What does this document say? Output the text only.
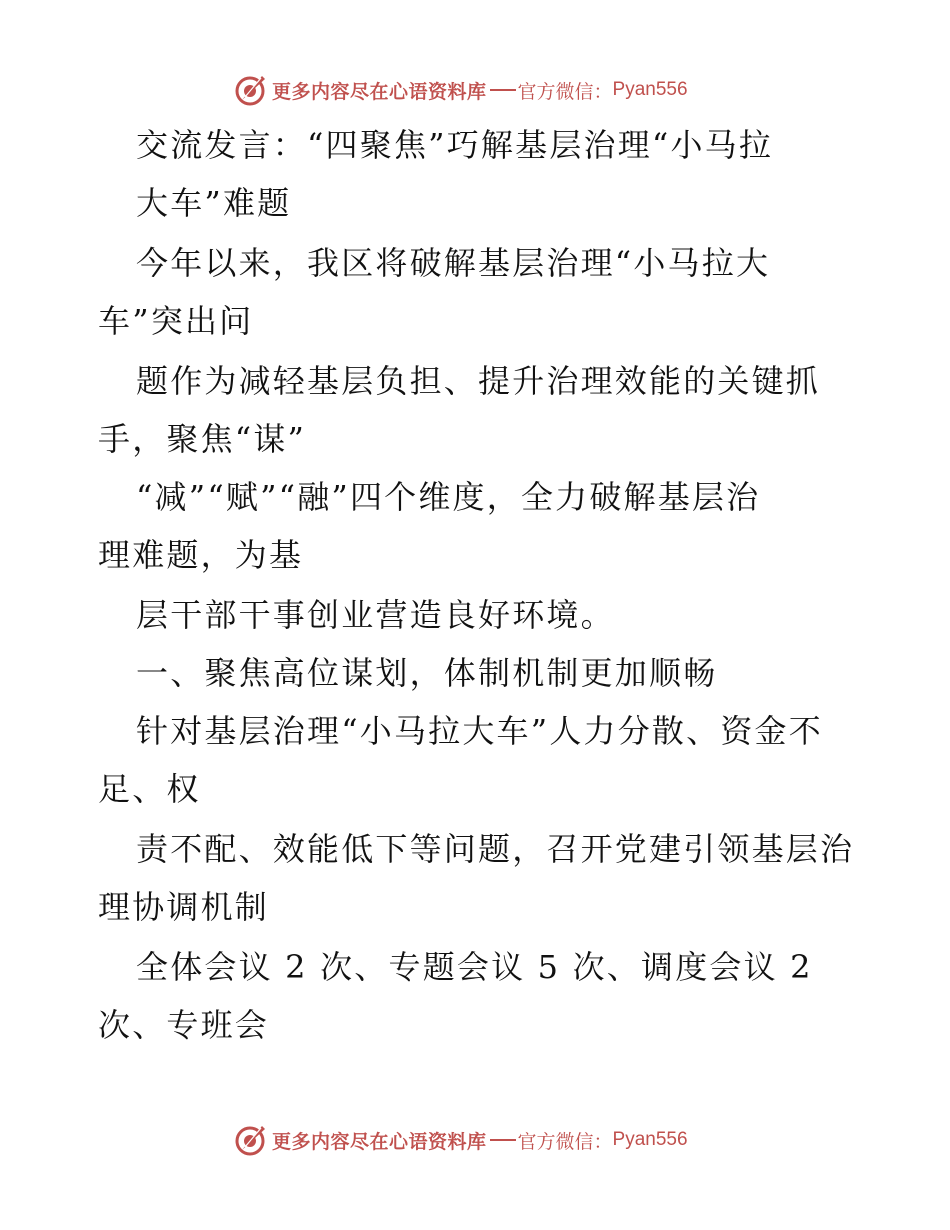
更多内容尽在心语资料库 官方微信： Pyan556
交流发言：“四聚焦”巧解基层治理“小马拉
大车”难题
今年以来，我区将破解基层治理“小马拉大
车”突出问
题作为减轻基层负担、提升治理效能的关键抓
手，聚焦“谋”
“减”“赋”“融”四个维度，全力破解基层治
理难题，为基
层干部干事创业营造良好环境。
一、聚焦高位谋划，体制机制更加顺畅
针对基层治理“小马拉大车”人力分散、资金不
足、权
责不配、效能低下等问题，召开党建引领基层治
理协调机制
全体会议 2 次、专题会议 5 次、调度会议 2
次、专班会
更多内容尽在心语资料库 官方微信： Pyan556
